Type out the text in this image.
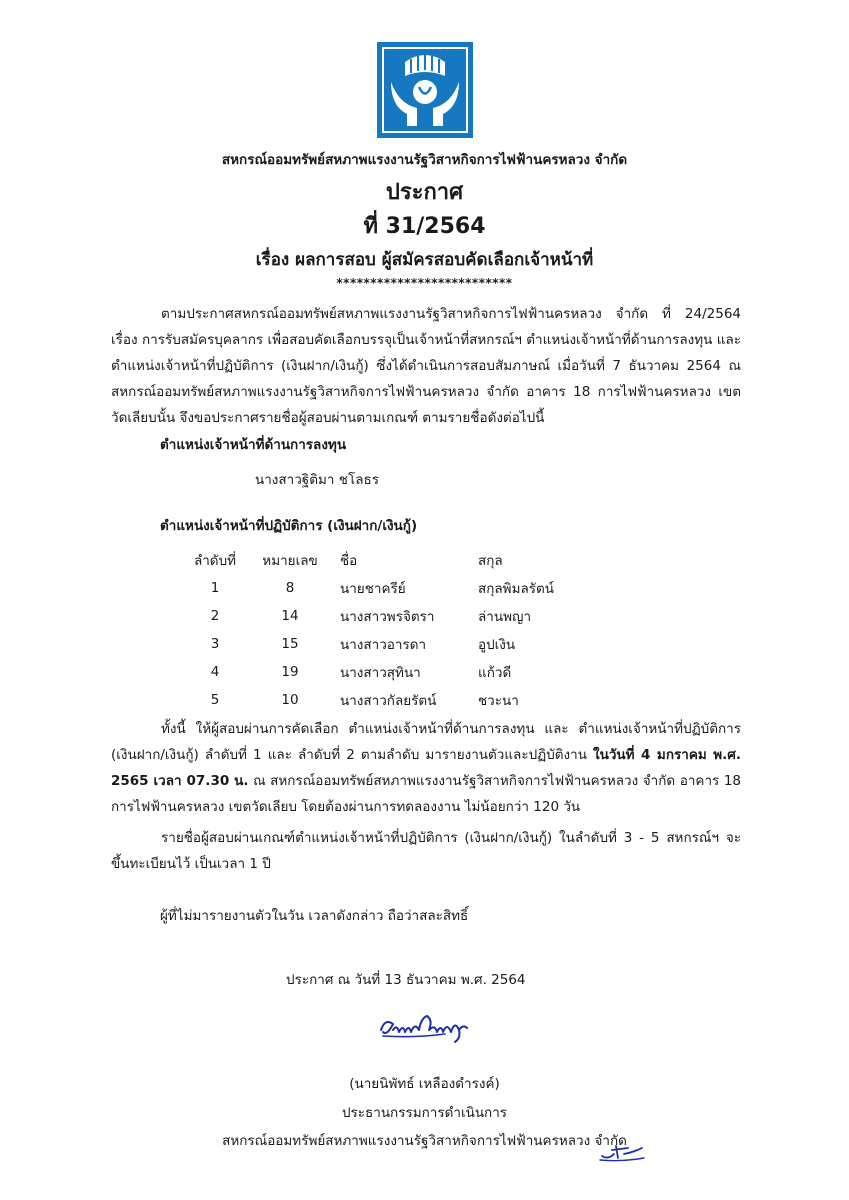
สหกรณ์ออมทรัพย์สหภาพแรงงานรัฐวิสาหกิจการไฟฟ้านครหลวง จำกัด
ประกาศ
ที่ 31/2564
เรื่อง ผลการสอบ ผู้สมัครสอบคัดเลือกเจ้าหน้าที่
**************************
ตามประกาศสหกรณ์ออมทรัพย์สหภาพแรงงานรัฐวิสาหกิจการไฟฟ้านครหลวง จำกัด ที่ 24/2564 เรื่อง การรับสมัครบุคลากร เพื่อสอบคัดเลือกบรรจุเป็นเจ้าหน้าที่สหกรณ์ฯ ตำแหน่งเจ้าหน้าที่ด้านการลงทุน และ ตำแหน่งเจ้าหน้าที่ปฏิบัติการ (เงินฝาก/เงินกู้) ซึ่งได้ดำเนินการสอบสัมภาษณ์ เมื่อวันที่ 7 ธันวาคม 2564 ณ สหกรณ์ออมทรัพย์สหภาพแรงงานรัฐวิสาหกิจการไฟฟ้านครหลวง จำกัด อาคาร 18 การไฟฟ้านครหลวง เขตวัดเลียบนั้น จึงขอประกาศรายชื่อผู้สอบผ่านตามเกณฑ์ ตามรายชื่อดังต่อไปนี้
ตำแหน่งเจ้าหน้าที่ด้านการลงทุน
นางสาวฐิติมา ชโลธร
ตำแหน่งเจ้าหน้าที่ปฏิบัติการ (เงินฝาก/เงินกู้)
ลำดับที่	หมายเลข	ชื่อ	สกุล
1	8	นายชาครีย์	สกุลพิมลรัตน์
2	14	นางสาวพรจิตรา	ล่านพญา
3	15	นางสาวอารดา	อูปเงิน
4	19	นางสาวสุทินา	แก้วดี
5	10	นางสาวกัลยรัตน์	ชวะนา
ทั้งนี้ ให้ผู้สอบผ่านการคัดเลือก ตำแหน่งเจ้าหน้าที่ด้านการลงทุน และ ตำแหน่งเจ้าหน้าที่ปฏิบัติการ (เงินฝาก/เงินกู้) ลำดับที่ 1 และ ลำดับที่ 2 ตามลำดับ มารายงานตัวและปฏิบัติงาน ในวันที่ 4 มกราคม พ.ศ. 2565 เวลา 07.30 น. ณ สหกรณ์ออมทรัพย์สหภาพแรงงานรัฐวิสาหกิจการไฟฟ้านครหลวง จำกัด อาคาร 18 การไฟฟ้านครหลวง เขตวัดเลียบ โดยต้องผ่านการทดลองงาน ไม่น้อยกว่า 120 วัน
รายชื่อผู้สอบผ่านเกณฑ์ตำแหน่งเจ้าหน้าที่ปฏิบัติการ (เงินฝาก/เงินกู้) ในลำดับที่ 3 - 5 สหกรณ์ฯ จะขึ้นทะเบียนไว้ เป็นเวลา 1 ปี
ผู้ที่ไม่มารายงานตัวในวัน เวลาดังกล่าว ถือว่าสละสิทธิ์
ประกาศ ณ วันที่ 13 ธันวาคม พ.ศ. 2564
(นายนิพัทธ์ เหลืองดำรงค์)
ประธานกรรมการดำเนินการ
สหกรณ์ออมทรัพย์สหภาพแรงงานรัฐวิสาหกิจการไฟฟ้านครหลวง จำกัด
